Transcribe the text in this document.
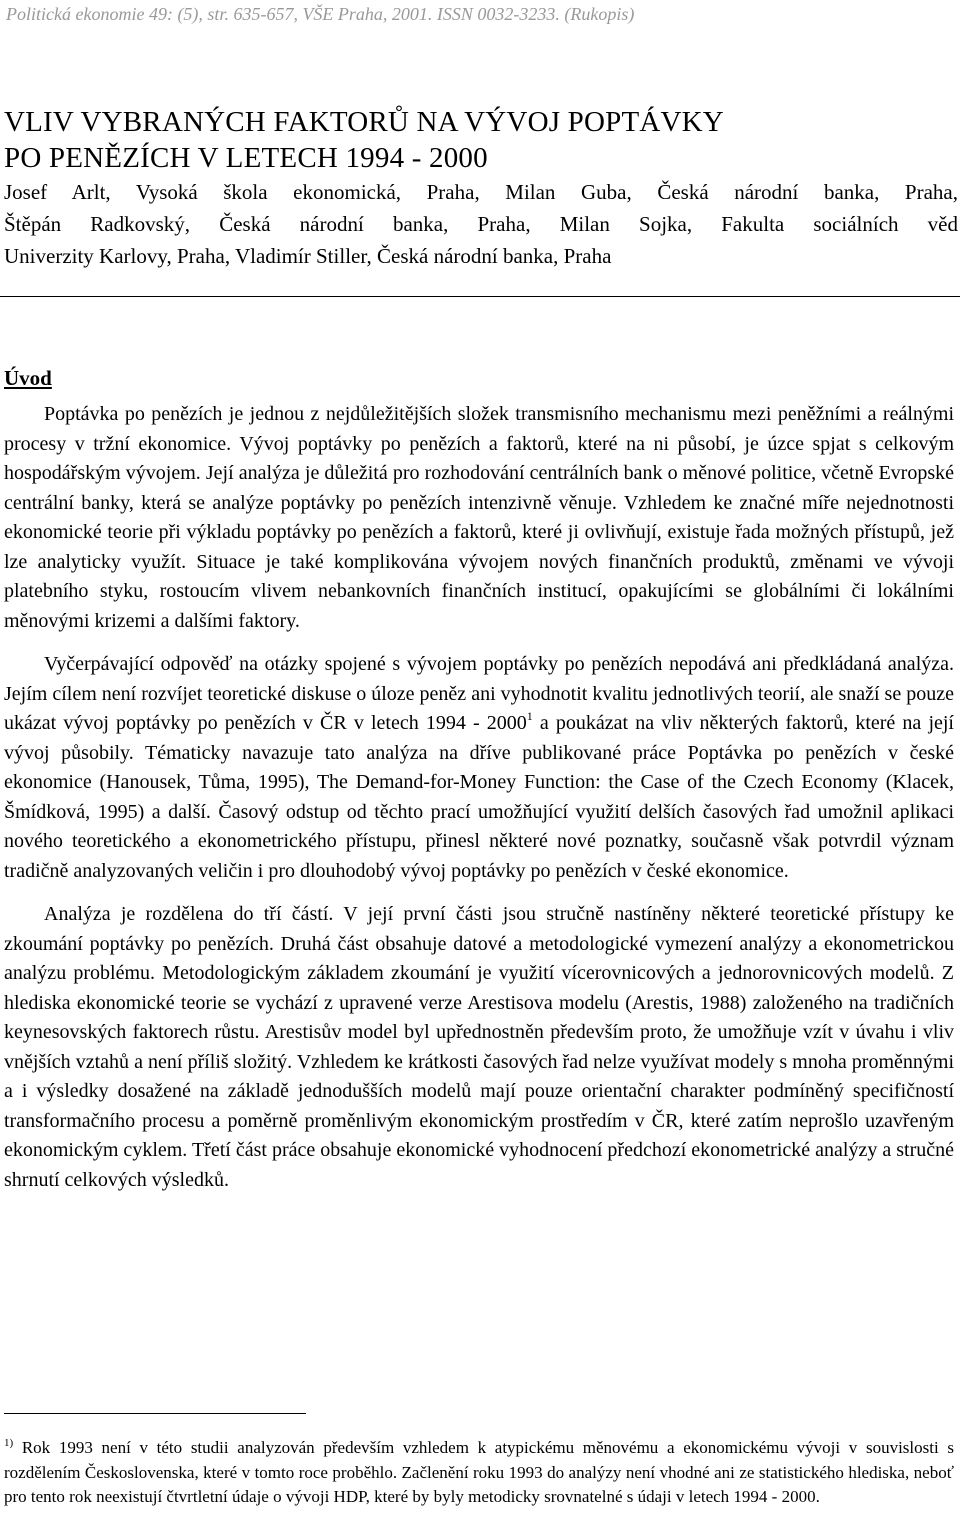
Politická ekonomie 49: (5), str. 635-657, VŠE Praha, 2001. ISSN 0032-3233. (Rukopis)
VLIV VYBRANÝCH FAKTORŮ NA VÝVOJ POPTÁVKY
PO PENĚZÍCH V LETECH 1994 - 2000
Josef Arlt, Vysoká škola ekonomická, Praha, Milan Guba, Česká národní banka, Praha,
Štěpán Radkovský, Česká národní banka, Praha, Milan Sojka, Fakulta sociálních věd
Univerzity Karlovy, Praha, Vladimír Stiller, Česká národní banka, Praha
Úvod

Poptávka po penězích je jednou z nejdůležitějších složek transmisního mechanismu mezi peněžními a reálnými procesy v tržní ekonomice. Vývoj poptávky po penězích a faktorů, které na ni působí, je úzce spjat s celkovým hospodářským vývojem. Její analýza je důležitá pro rozhodování centrálních bank o měnové politice, včetně Evropské centrální banky, která se analýze poptávky po penězích intenzivně věnuje. Vzhledem ke značné míře nejednotnosti ekonomické teorie při výkladu poptávky po penězích a faktorů, které ji ovlivňují, existuje řada možných přístupů, jež lze analyticky využít. Situace je také komplikována vývojem nových finančních produktů, změnami ve vývoji platebního styku, rostoucím vlivem nebankovních finančních institucí, opakujícími se globálními či lokálními měnovými krizemi a dalšími faktory.

Vyčerpávající odpověď na otázky spojené s vývojem poptávky po penězích nepodává ani předkládaná analýza. Jejím cílem není rozvíjet teoretické diskuse o úloze peněz ani vyhodnotit kvalitu jednotlivých teorií, ale snaží se pouze ukázat vývoj poptávky po penězích v ČR v letech 1994 - 2000$^1$ a poukázat na vliv některých faktorů, které na její vývoj působily. Tématicky navazuje tato analýza na dříve publikované práce Poptávka po penězích v české ekonomice (Hanousek, Tůma, 1995), The Demand-for-Money Function: the Case of the Czech Economy (Klacek, Šmídková, 1995) a další. Časový odstup od těchto prací umožňující využití delších časových řad umožnil aplikaci nového teoretického a ekonometrického přístupu, přinesl některé nové poznatky, současně však potvrdil význam tradičně analyzovaných veličin i pro dlouhodobý vývoj poptávky po penězích v české ekonomice.

Analýza je rozdělena do tří částí. V její první části jsou stručně nastíněny některé teoretické přístupy ke zkoumání poptávky po penězích. Druhá část obsahuje datové a metodologické vymezení analýzy a ekonometrickou analýzu problému. Metodologickým základem zkoumání je využití vícerovnicových a jednorovnicových modelů. Z hlediska ekonomické teorie se vychází z upravené verze Arestisova modelu (Arestis, 1988) založeného na tradičních keynesovských faktorech růstu. Arestisův model byl upřednostněn především proto, že umožňuje vzít v úvahu i vliv vnějších vztahů a není příliš složitý. Vzhledem ke krátkosti časových řad nelze využívat modely s mnoha proměnnými a i výsledky dosažené na základě jednodušších modelů mají pouze orientační charakter podmíněný specifičností transformačního procesu a poměrně proměnlivým ekonomickým prostředím v ČR, které zatím neprošlo uzavřeným ekonomickým cyklem. Třetí část práce obsahuje ekonomické vyhodnocení předchozí ekonometrické analýzy a stručné shrnutí celkových výsledků.

$^{1)}$ Rok 1993 není v této studii analyzován především vzhledem k atypickému měnovému a ekonomickému vývoji v souvislosti s rozdělením Československa, které v tomto roce proběhlo. Začlenění roku 1993 do analýzy není vhodné ani ze statistického hlediska, neboť pro tento rok neexistují čtvrtletní údaje o vývoji HDP, které by byly metodicky srovnatelné s údaji v letech 1994 - 2000.
